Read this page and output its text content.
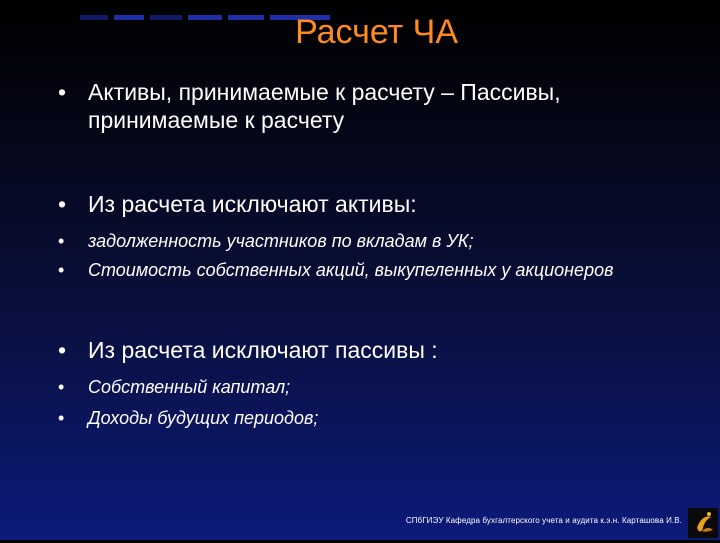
Расчет ЧА
• Активы, принимаемые к расчету – Пассивы, принимаемые к расчету
• Из расчета исключают активы:
• задолженность участников по вкладам в УК;
• Стоимость собственных акций, выкупеленных у акционеров
• Из расчета исключают пассивы :
• Собственный капитал;
• Доходы будущих периодов;
СПбГИЭУ Кафедра бухгалтерского учета и аудита к.э.н. Карташова И.В.
